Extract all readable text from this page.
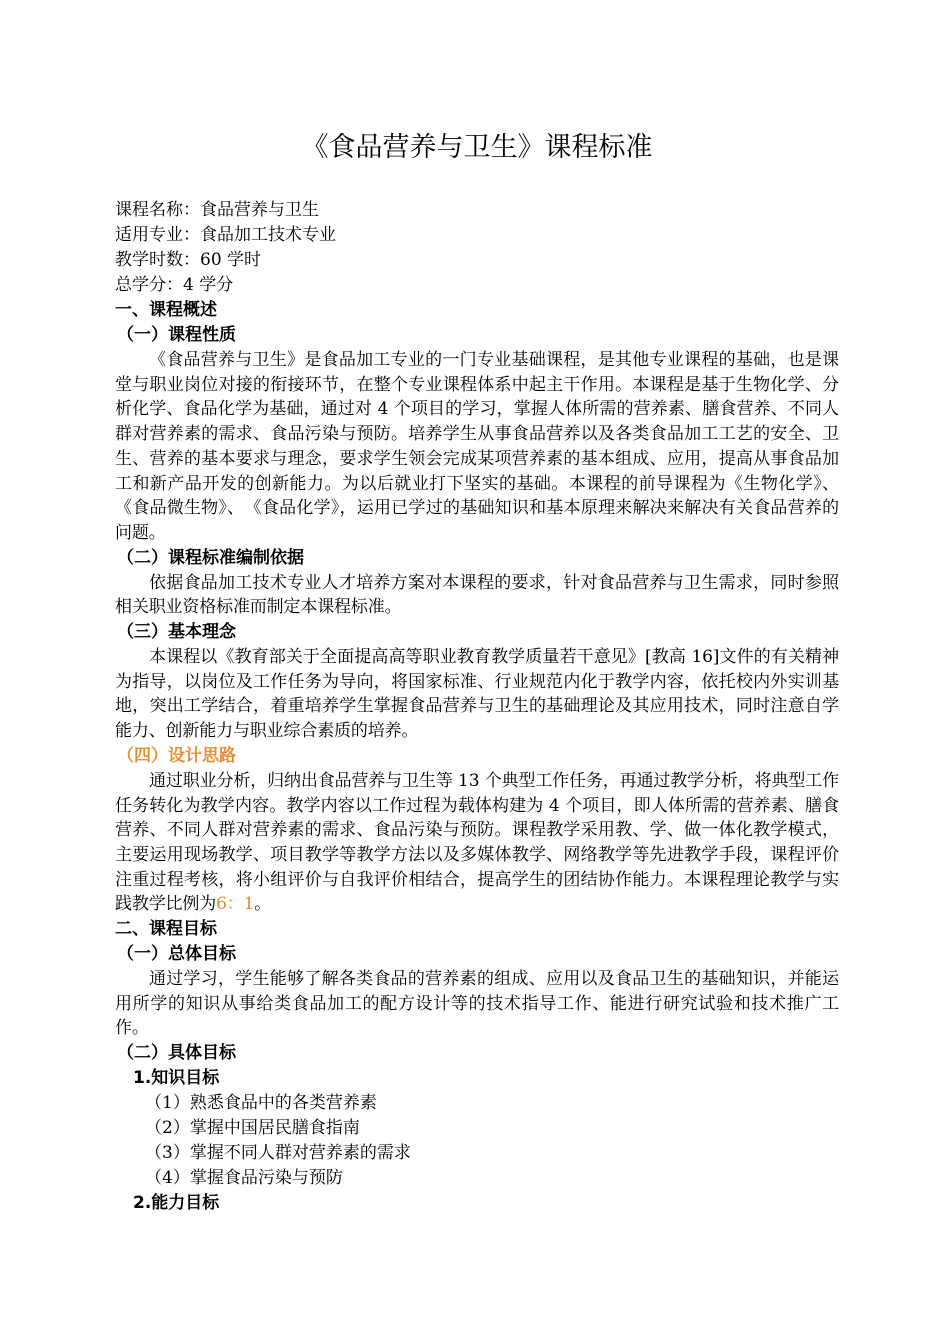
《食品营养与卫生》课程标准

课程名称：食品营养与卫生

适用专业：食品加工技术专业

教学时数：60 学时

总学分：4 学分

一、课程概述

（一）课程性质

《食品营养与卫生》是食品加工专业的一门专业基础课程，是其他专业课程的基础，也是课堂与职业岗位对接的衔接环节，在整个专业课程体系中起主干作用。本课程是基于生物化学、分析化学、食品化学为基础，通过对 4 个项目的学习，掌握人体所需的营养素、膳食营养、不同人群对营养素的需求、食品污染与预防。培养学生从事食品营养以及各类食品加工工艺的安全、卫生、营养的基本要求与理念，要求学生领会完成某项营养素的基本组成、应用，提高从事食品加工和新产品开发的创新能力。为以后就业打下坚实的基础。本课程的前导课程为《生物化学》、《食品微生物》、　《食品化学》，运用已学过的基础知识和基本原理来解决来解决有关食品营养的问题。

（二）课程标准编制依据

依据食品加工技术专业人才培养方案对本课程的要求，针对食品营养与卫生需求，同时参照相关职业资格标准而制定本课程标准。

（三）基本理念

本课程以《教育部关于全面提高高等职业教育教学质量若干意见》[教高 16]文件的有关精神为指导，以岗位及工作任务为导向，将国家标准、行业规范内化于教学内容，依托校内外实训基地，突出工学结合，着重培养学生掌握食品营养与卫生的基础理论及其应用技术，同时注意自学能力、创新能力与职业综合素质的培养。

（四）设计思路

通过职业分析，归纳出食品营养与卫生等 13 个典型工作任务，再通过教学分析，将典型工作任务转化为教学内容。教学内容以工作过程为载体构建为 4 个项目，即人体所需的营养素、膳食营养、不同人群对营养素的需求、食品污染与预防。课程教学采用教、学、做一体化教学模式，主要运用现场教学、项目教学等教学方法以及多媒体教学、网络教学等先进教学手段，课程评价注重过程考核，将小组评价与自我评价相结合，提高学生的团结协作能力。本课程理论教学与实践教学比例为6：1。

二、课程目标

（一）总体目标

通过学习，学生能够了解各类食品的营养素的组成、应用以及食品卫生的基础知识，并能运用所学的知识从事给类食品加工的配方设计等的技术指导工作、能进行研究试验和技术推广工作。

（二）具体目标

1.知识目标

（1）熟悉食品中的各类营养素

（2）掌握中国居民膳食指南

（3）掌握不同人群对营养素的需求

（4）掌握食品污染与预防

2.能力目标
